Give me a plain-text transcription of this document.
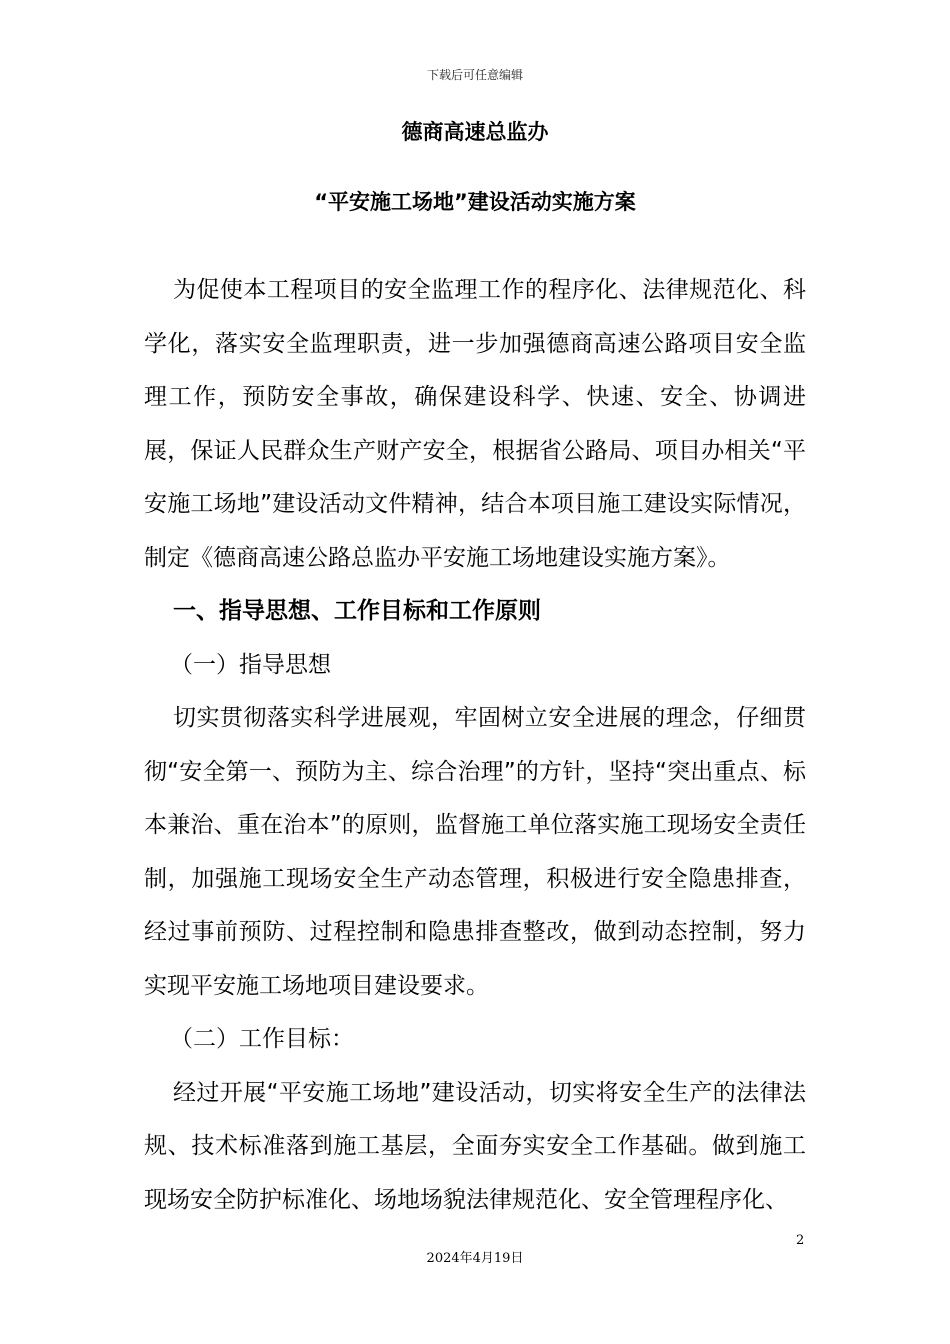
下载后可任意编辑
德商高速总监办
“平安施工场地”建设活动实施方案

为促使本工程项目的安全监理工作的程序化、法律规范化、科学化，落实安全监理职责，进一步加强德商高速公路项目安全监理工作，预防安全事故，确保建设科学、快速、安全、协调进展，保证人民群众生产财产安全，根据省公路局、项目办相关“平安施工场地”建设活动文件精神，结合本项目施工建设实际情况，制定《德商高速公路总监办平安施工场地建设实施方案》。

一、指导思想、工作目标和工作原则

（一）指导思想

切实贯彻落实科学进展观，牢固树立安全进展的理念，仔细贯彻“安全第一、预防为主、综合治理”的方针，坚持“突出重点、标本兼治、重在治本”的原则，监督施工单位落实施工现场安全责任制，加强施工现场安全生产动态管理，积极进行安全隐患排查，经过事前预防、过程控制和隐患排查整改，做到动态控制，努力实现平安施工场地项目建设要求。

（二）工作目标：

经过开展“平安施工场地”建设活动，切实将安全生产的法律法规、技术标准落到施工基层，全面夯实安全工作基础。做到施工现场安全防护标准化、场地场貌法律规范化、安全管理程序化、

2
2024年4月19日
